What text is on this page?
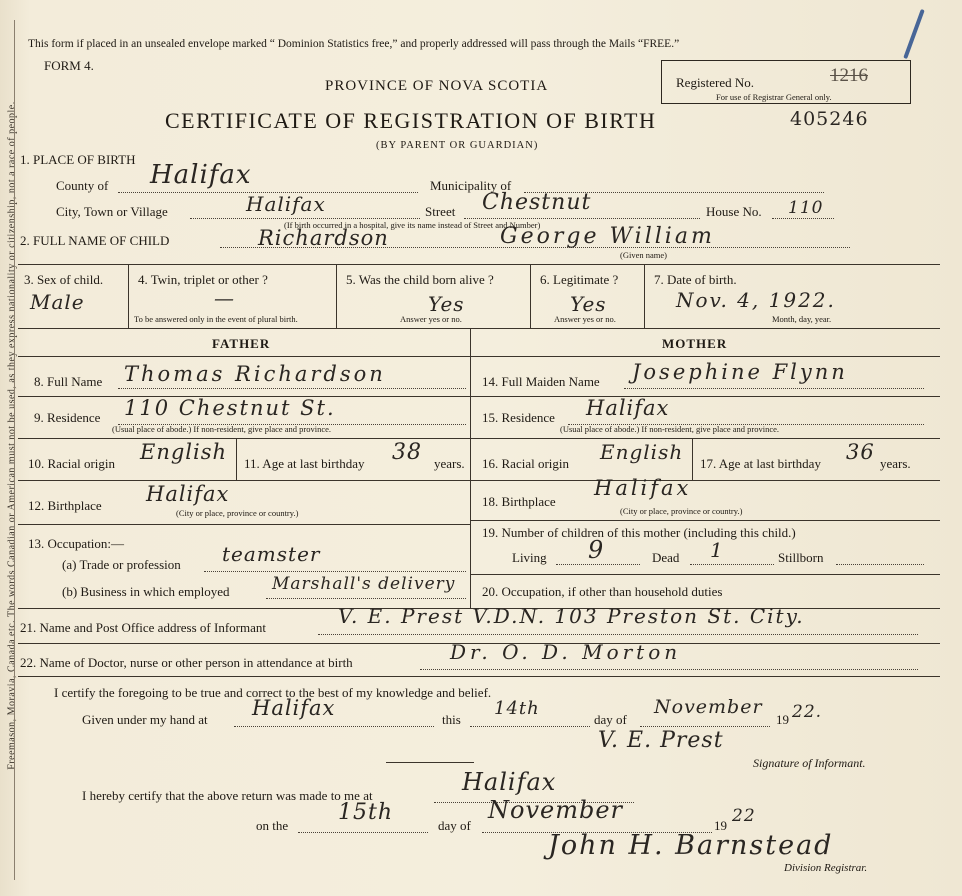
Freemason, Moravia, Canada etc. The words Canadian or American must not be used, as they express nationality or citizenship, not a race of people.
This form if placed in an unsealed envelope marked “ Dominion Statistics free,” and properly addressed will pass through the Mails “FREE.”
FORM 4.
PROVINCE OF NOVA SCOTIA
CERTIFICATE OF REGISTRATION OF BIRTH	405246
(BY PARENT OR GUARDIAN)
Registered No.	1216
For use of Registrar General only.
1. PLACE OF BIRTH
County of Halifax	Municipality of
City, Town or Village	Halifax	Street Chestnut	House No. 110
(If birth occurred in a hospital, give its name instead of Street and Number)
2. FULL NAME OF CHILD	Richardson	George William
(Given name)
3. Sex of child.
Male
4. Twin, triplet or other ?
—
To be answered only in the event of plural birth.
5. Was the child born alive ?
Yes
Answer yes or no.
6. Legitimate ?
Yes
Answer yes or no.
7. Date of birth.
Nov. 4, 1922.
Month, day, year.
FATHER	MOTHER
8. Full Name Thomas Richardson
9. Residence 110 Chestnut St.
(Usual place of abode.) If non-resident, give place and province.
10. Racial origin English 11. Age at last birthday 38 years.
12. Birthplace Halifax
(City or place, province or country.)
13. Occupation:—
(a) Trade or profession teamster
(b) Business in which employed Marshall's delivery
14. Full Maiden Name Josephine Flynn
15. Residence Halifax
(Usual place of abode.) If non-resident, give place and province.
16. Racial origin English 17. Age at last birthday 36 years.
18. Birthplace
Halifax
(City or place, province or country.)
19. Number of children of this mother (including this child.)
Living 9	Dead 1	Stillborn
20. Occupation, if other than household duties
21. Name and Post Office address of Informant	V. E. Prest V.D.N. 103 Preston St. City.
22. Name of Doctor, nurse or other person in attendance at birth	Dr. O. D. Morton
I certify the foregoing to be true and correct to the best of my knowledge and belief.
Given under my hand at Halifax	this
14th
day of
November
19 22.
V. E. Prest
Signature of Informant.
I hereby certify that the above return was made to me at	Halifax
on the
15th
day of
November
19 22
John H. Barnstead
Division Registrar.
